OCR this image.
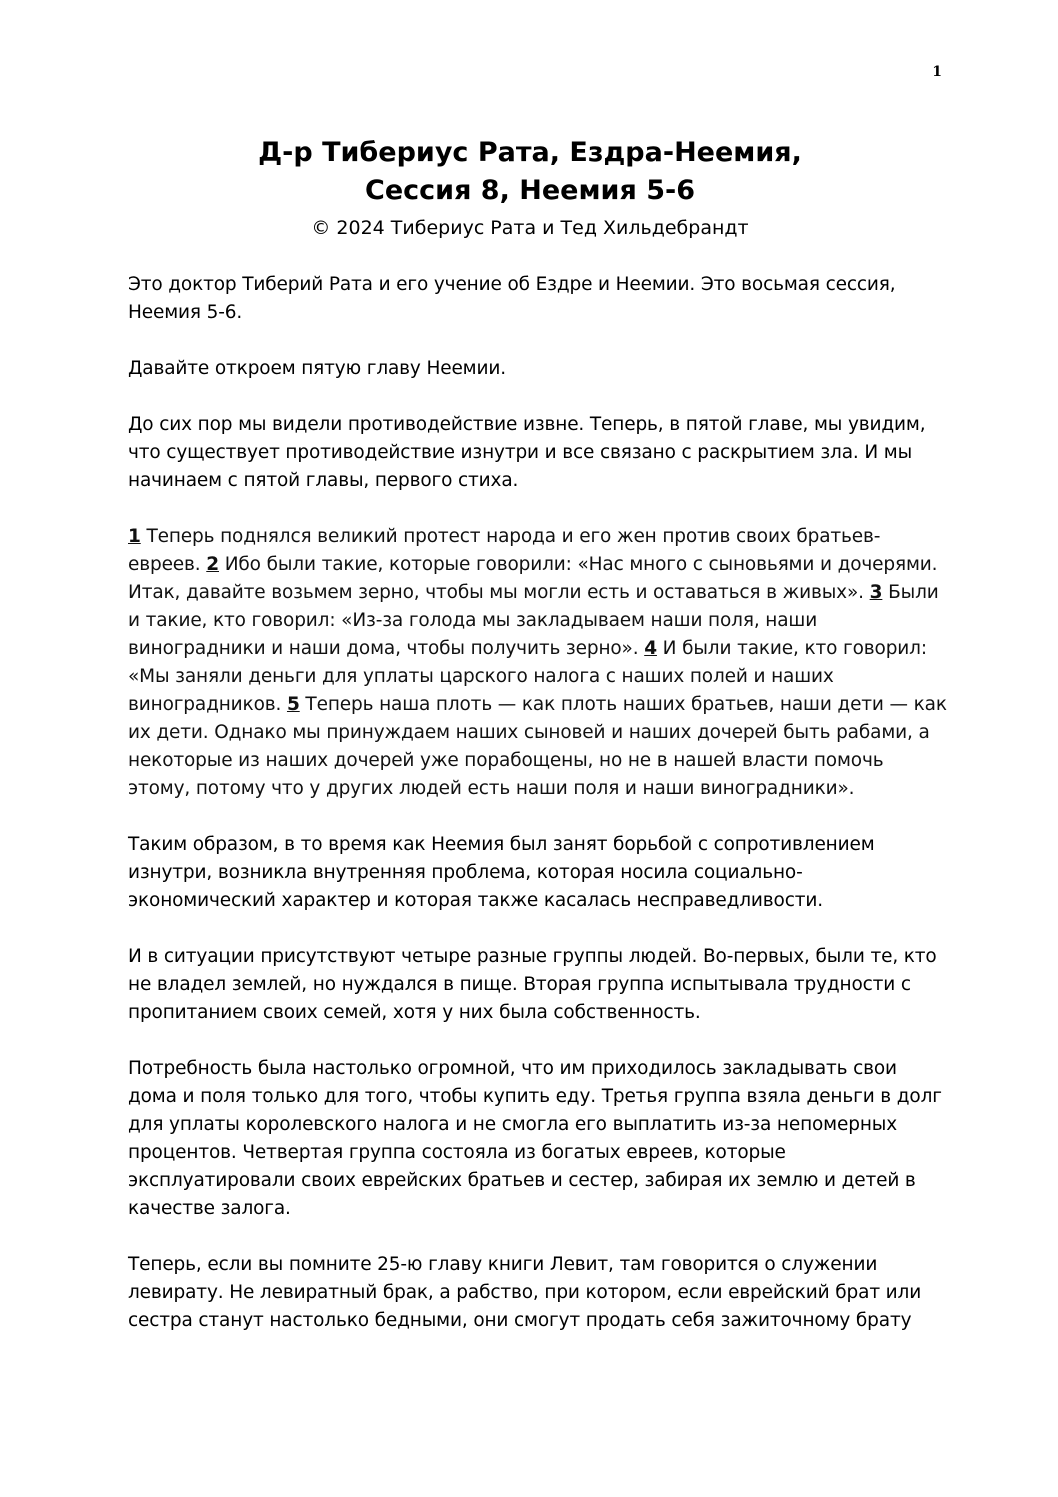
1
Д-р Тибериус Рата, Ездра-Неемия,
Сессия 8, Неемия 5-6
© 2024 Тибериус Рата и Тед Хильдебрандт

Это доктор Тиберий Рата и его учение об Ездре и Неемии. Это восьмая сессия, Неемия 5-6.

Давайте откроем пятую главу Неемии.

До сих пор мы видели противодействие извне. Теперь, в пятой главе, мы увидим, что существует противодействие изнутри и все связано с раскрытием зла. И мы начинаем с пятой главы, первого стиха.

1 Теперь поднялся великий протест народа и его жен против своих братьев-евреев. 2 Ибо были такие, которые говорили: «Нас много с сыновьями и дочерями. Итак, давайте возьмем зерно, чтобы мы могли есть и оставаться в живых». 3 Были и такие, кто говорил: «Из-за голода мы закладываем наши поля, наши виноградники и наши дома, чтобы получить зерно». 4 И были такие, кто говорил: «Мы заняли деньги для уплаты царского налога с наших полей и наших виноградников. 5 Теперь наша плоть — как плоть наших братьев, наши дети — как их дети. Однако мы принуждаем наших сыновей и наших дочерей быть рабами, а некоторые из наших дочерей уже порабощены, но не в нашей власти помочь этому, потому что у других людей есть наши поля и наши виноградники».

Таким образом, в то время как Неемия был занят борьбой с сопротивлением изнутри, возникла внутренняя проблема, которая носила социально-экономический характер и которая также касалась несправедливости.

И в ситуации присутствуют четыре разные группы людей. Во-первых, были те, кто не владел землей, но нуждался в пище. Вторая группа испытывала трудности с пропитанием своих семей, хотя у них была собственность.

Потребность была настолько огромной, что им приходилось закладывать свои дома и поля только для того, чтобы купить еду. Третья группа взяла деньги в долг для уплаты королевского налога и не смогла его выплатить из-за непомерных процентов. Четвертая группа состояла из богатых евреев, которые эксплуатировали своих еврейских братьев и сестер, забирая их землю и детей в качестве залога.

Теперь, если вы помните 25-ю главу книги Левит, там говорится о служении левирату. Не левиратный брак, а рабство, при котором, если еврейский брат или сестра станут настолько бедными, они смогут продать себя зажиточному брату
